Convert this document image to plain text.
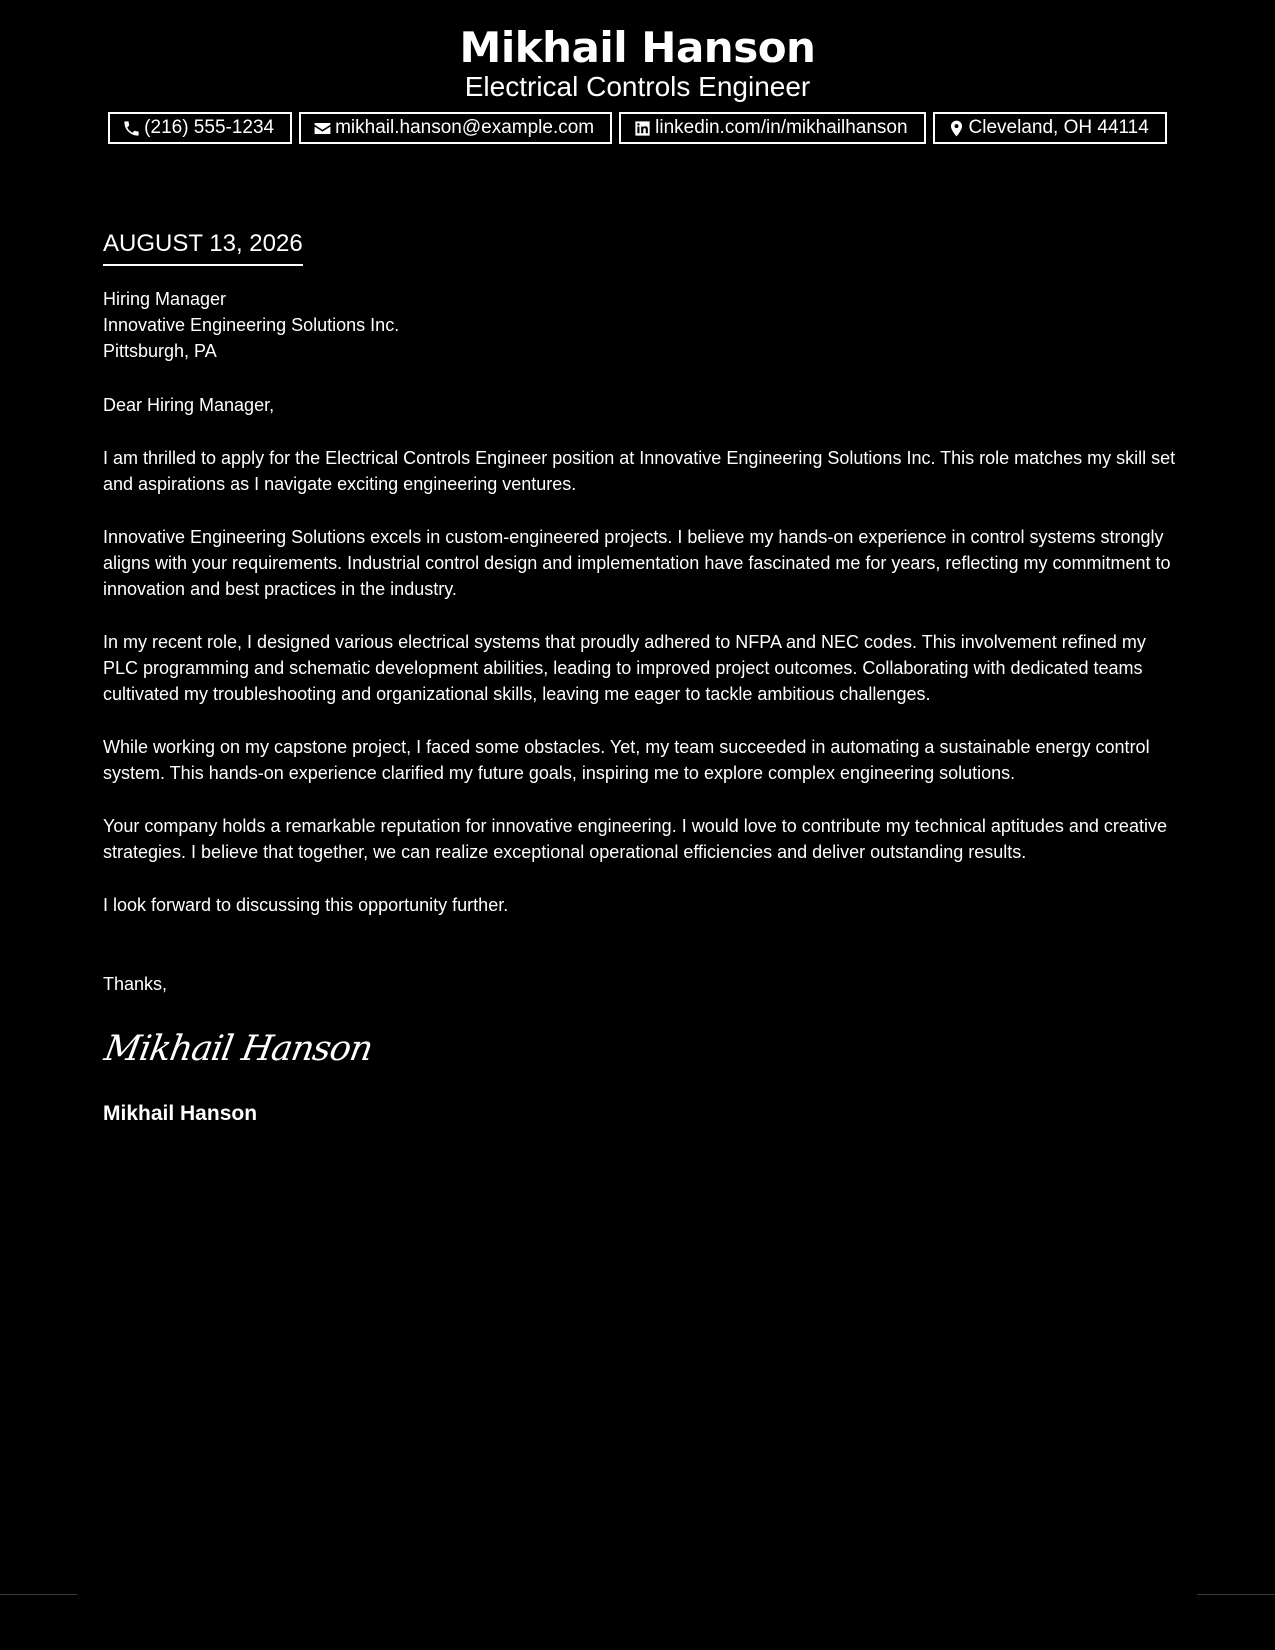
Mikhail Hanson
Electrical Controls Engineer
(216) 555-1234	mikhail.hanson@example.com	linkedin.com/in/mikhailhanson	Cleveland, OH 44114
AUGUST 13, 2026
Hiring Manager
Innovative Engineering Solutions Inc.
Pittsburgh, PA
Dear Hiring Manager,
I am thrilled to apply for the Electrical Controls Engineer position at Innovative Engineering Solutions Inc. This role matches my skill set and aspirations as I navigate exciting engineering ventures.
Innovative Engineering Solutions excels in custom-engineered projects. I believe my hands-on experience in control systems strongly aligns with your requirements. Industrial control design and implementation have fascinated me for years, reflecting my commitment to innovation and best practices in the industry.
In my recent role, I designed various electrical systems that proudly adhered to NFPA and NEC codes. This involvement refined my PLC programming and schematic development abilities, leading to improved project outcomes. Collaborating with dedicated teams cultivated my troubleshooting and organizational skills, leaving me eager to tackle ambitious challenges.
While working on my capstone project, I faced some obstacles. Yet, my team succeeded in automating a sustainable energy control system. This hands-on experience clarified my future goals, inspiring me to explore complex engineering solutions.
Your company holds a remarkable reputation for innovative engineering. I would love to contribute my technical aptitudes and creative strategies. I believe that together, we can realize exceptional operational efficiencies and deliver outstanding results.
I look forward to discussing this opportunity further.
Thanks,
Mikhail Hanson
Mikhail Hanson
